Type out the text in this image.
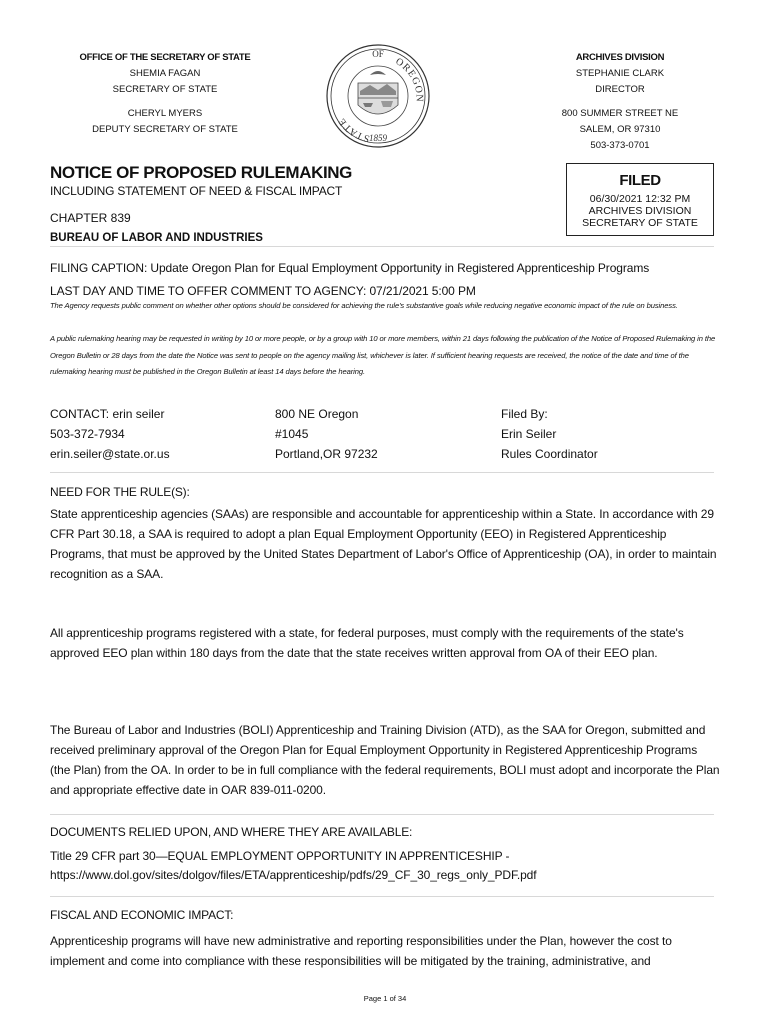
OFFICE OF THE SECRETARY OF STATE
SHEMIA FAGAN
SECRETARY OF STATE
CHERYL MYERS
DEPUTY SECRETARY OF STATE
STATE
OREGON
OF
1859
ARCHIVES DIVISION
STEPHANIE CLARK
DIRECTOR
800 SUMMER STREET NE
SALEM, OR 97310
503-373-0701
NOTICE OF PROPOSED RULEMAKING
INCLUDING STATEMENT OF NEED & FISCAL IMPACT
CHAPTER 839
BUREAU OF LABOR AND INDUSTRIES
FILED
06/30/2021 12:32 PM
ARCHIVES DIVISION
SECRETARY OF STATE
FILING CAPTION: Update Oregon Plan for Equal Employment Opportunity in Registered Apprenticeship Programs
LAST DAY AND TIME TO OFFER COMMENT TO AGENCY: 07/21/2021 5:00 PM
The Agency requests public comment on whether other options should be considered for achieving the rule's substantive goals while reducing negative economic impact of the rule on business.
A public rulemaking hearing may be requested in writing by 10 or more people, or by a group with 10 or more members, within 21 days following the publication of the Notice of Proposed Rulemaking in the Oregon Bulletin or 28 days from the date the Notice was sent to people on the agency mailing list, whichever is later. If sufficient hearing requests are received, the notice of the date and time of the rulemaking hearing must be published in the Oregon Bulletin at least 14 days before the hearing.
CONTACT: erin seiler
503-372-7934
erin.seiler@state.or.us
800 NE Oregon
#1045
Portland,OR 97232
Filed By:
Erin Seiler
Rules Coordinator
NEED FOR THE RULE(S):
State apprenticeship agencies (SAAs) are responsible and accountable for apprenticeship within a State. In accordance with 29 CFR Part 30.18, a SAA is required to adopt a plan Equal Employment Opportunity (EEO) in Registered Apprenticeship Programs, that must be approved by the United States Department of Labor's Office of Apprenticeship (OA), in order to maintain recognition as a SAA.
All apprenticeship programs registered with a state, for federal purposes, must comply with the requirements of the state's approved EEO plan within 180 days from the date that the state receives written approval from OA of their EEO plan.
The Bureau of Labor and Industries (BOLI) Apprenticeship and Training Division (ATD), as the SAA for Oregon, submitted and received preliminary approval of the Oregon Plan for Equal Employment Opportunity in Registered Apprenticeship Programs (the Plan) from the OA. In order to be in full compliance with the federal requirements, BOLI must adopt and incorporate the Plan and appropriate effective date in OAR 839-011-0200.
DOCUMENTS RELIED UPON, AND WHERE THEY ARE AVAILABLE:
Title 29 CFR part 30—EQUAL EMPLOYMENT OPPORTUNITY IN APPRENTICESHIP -
https://www.dol.gov/sites/dolgov/files/ETA/apprenticeship/pdfs/29_CF_30_regs_only_PDF.pdf
FISCAL AND ECONOMIC IMPACT:
Apprenticeship programs will have new administrative and reporting responsibilities under the Plan, however the cost to implement and come into compliance with these responsibilities will be mitigated by the training, administrative, and
Page 1 of 34
